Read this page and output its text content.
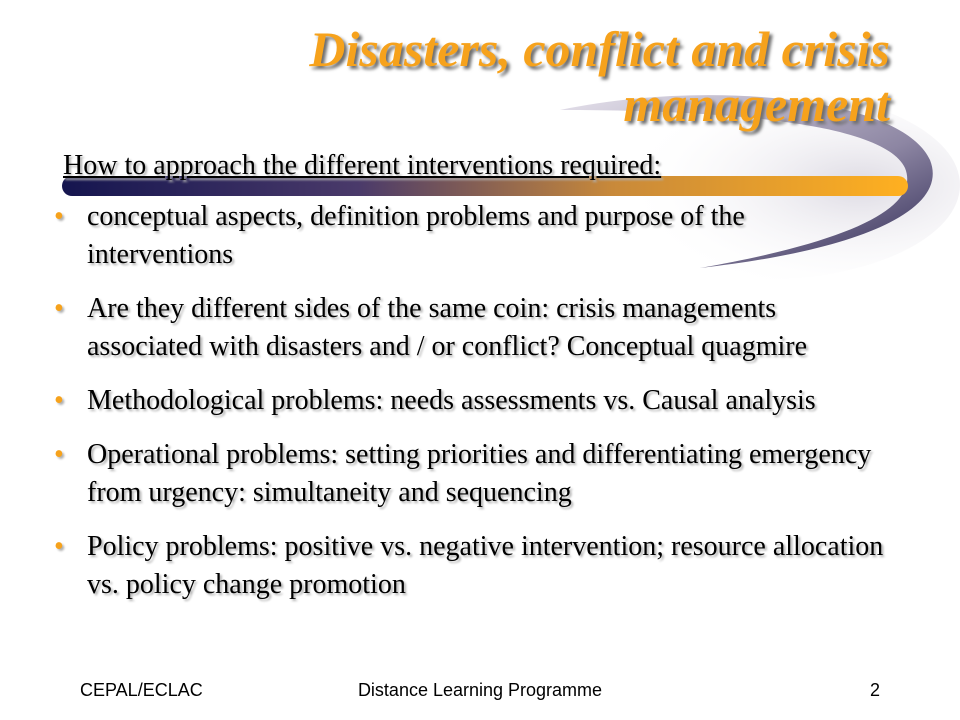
Disasters, conflict and crisis
management
How to approach the different interventions required:
• conceptual aspects, definition problems and purpose of the interventions
• Are they different sides of the same coin: crisis managements associated with disasters and / or conflict? Conceptual quagmire
• Methodological problems: needs assessments vs. Causal analysis
• Operational problems: setting priorities and differentiating emergency from urgency: simultaneity and sequencing
• Policy problems: positive vs. negative intervention; resource allocation vs. policy change promotion
CEPAL/ECLAC	Distance Learning Programme	2
